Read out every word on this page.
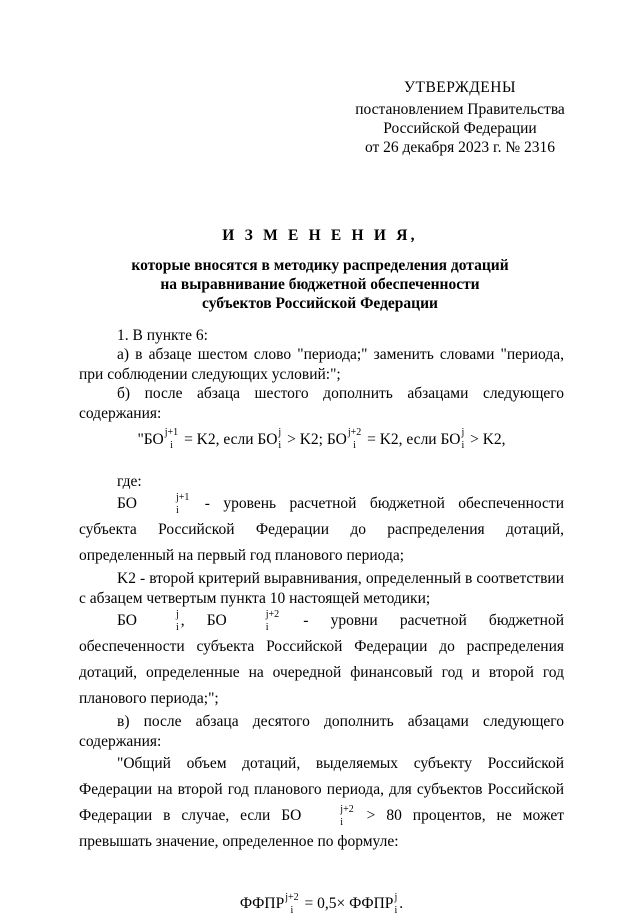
УТВЕРЖДЕНЫ
постановлением Правительства
Российской Федерации
от 26 декабря 2023 г. № 2316
И З М Е Н Е Н И Я,
которые вносятся в методику распределения дотаций
на выравнивание бюджетной обеспеченности
субъектов Российской Федерации

1. В пункте 6:

а) в абзаце шестом слово "периода;" заменить словами "периода, при соблюдении следующих условий:";

б) после абзаца шестого дополнить абзацами следующего содержания:

"БО j+1
i = K2, если БО j
i > K2; БО j+2
i = K2, если БО j
i > K2,

где:

БО	j+1
i - уровень расчетной бюджетной обеспеченности субъекта Российской Федерации до распределения дотаций, определенный на первый год планового периода;

K2 - второй критерий выравнивания, определенный в соответствии с абзацем четвертым пункта 10 настоящей методики;

БО	j
i , БО	j+2
i - уровни расчетной бюджетной обеспеченности субъекта Российской Федерации до распределения дотаций, определенные на очередной финансовый год и второй год планового периода;";

в) после абзаца десятого дополнить абзацами следующего содержания:

"Общий объем дотаций, выделяемых субъекту Российской Федерации на второй год планового периода, для субъектов Российской Федерации в случае, если БО	j+2
i > 80 процентов, не может превышать значение, определенное по формуле:

ФФПР j+2
i = 0,5× ФФПР j
i .
